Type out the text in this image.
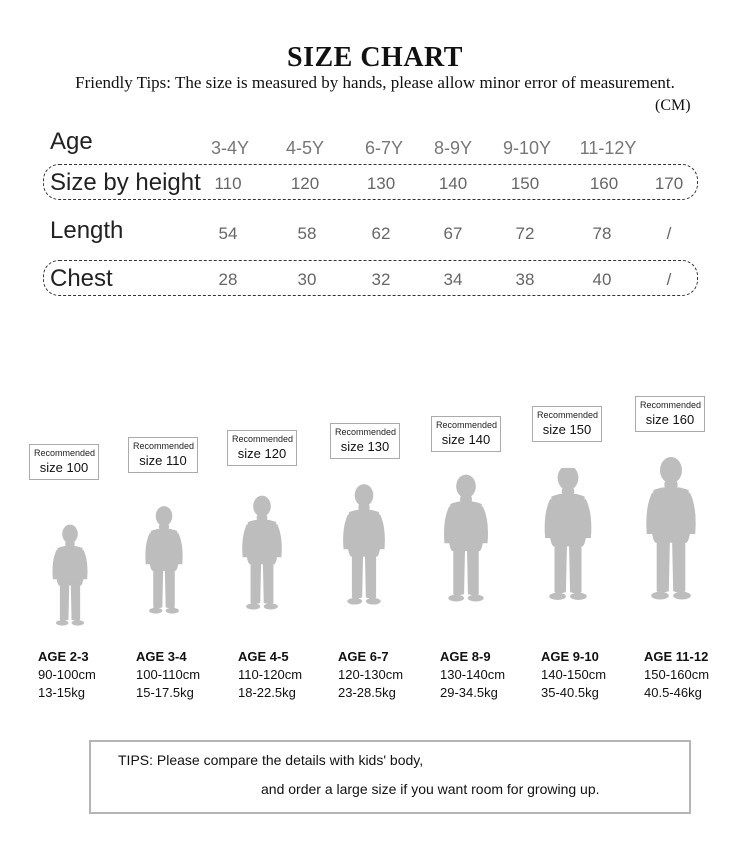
SIZE CHART
Friendly Tips: The size is measured by hands, please allow minor error of measurement.
(CM)
Age	3-4Y	4-5Y	6-7Y	8-9Y	9-10Y	11-12Y
Size by height 110	120	130	140	150	160	170
Length	54	58	62	67	72	78	/
Chest	28	30	32	34	38	40	/
Recommended
size 100
AGE 2-3
90-100cm
13-15kg
Recommended
size 110
AGE 3-4
100-110cm
15-17.5kg
Recommended
size 120
AGE 4-5
110-120cm
18-22.5kg
Recommended
size 130
AGE 6-7
120-130cm
23-28.5kg
Recommended
size 140
AGE 8-9
130-140cm
29-34.5kg
Recommended
size 150
AGE 9-10
140-150cm
35-40.5kg
Recommended
size 160
AGE 11-12
150-160cm
40.5-46kg
TIPS: Please compare the details with kids' body,
and order a large size if you want room for growing up.
